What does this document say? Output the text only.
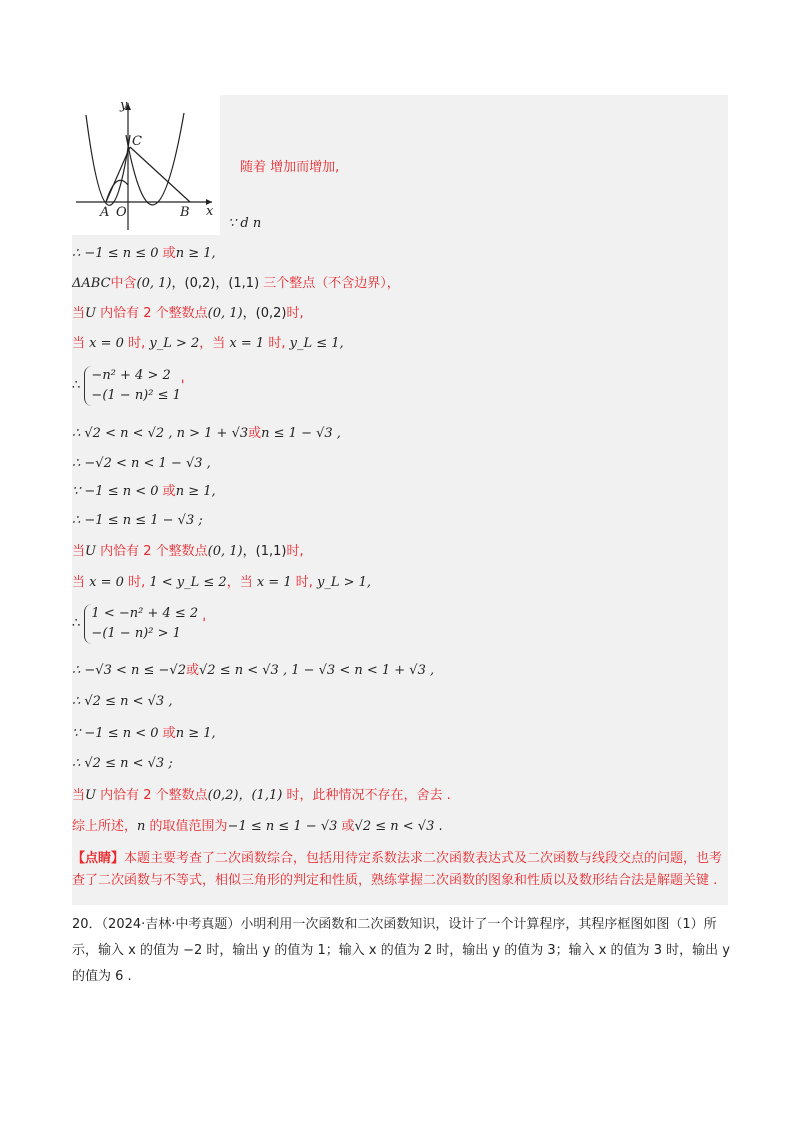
y
x
C
A O	B
∵ d n
随着 增加而增加,
∴ −1 ≤ n ≤ 0 或n ≥ 1,
ΔABC中含(0, 1)，(0,2)，(1,1) 三个整点（不含边界），
当U 内恰有 2 个整数点(0, 1)，(0,2)时,
当 x = 0 时, y_L > 2，当 x = 1 时, y_L ≤ 1,
∴ −n² + 4 > 2
−(1 − n)² ≤ 1'
∴ √2 < n < √2 , n > 1 + √3或n ≤ 1 − √3 ,
∴ −√2 < n < 1 − √3 ,
∵ −1 ≤ n < 0 或n ≥ 1,
∴ −1 ≤ n ≤ 1 − √3 ;
当U 内恰有 2 个整数点(0, 1)，(1,1)时,
当 x = 0 时, 1 < y_L ≤ 2，当 x = 1 时, y_L > 1,
∴ 1 < −n² + 4 ≤ 2
−(1 − n)² > 1 '
∴ −√3 < n ≤ −√2或√2 ≤ n < √3 , 1 − √3 < n < 1 + √3 ,
∴ √2 ≤ n < √3 ,
∵ −1 ≤ n < 0 或n ≥ 1,
∴ √2 ≤ n < √3 ;
当U 内恰有 2 个整数点(0,2)，(1,1) 时，此种情况不存在，舍去 .
综上所述，n 的取值范围为−1 ≤ n ≤ 1 − √3 或√2 ≤ n < √3 .
【点睛】本题主要考查了二次函数综合，包括用待定系数法求二次函数表达式及二次函数与线段交点的问题，也考查了二次函数与不等式，相似三角形的判定和性质，熟练掌握二次函数的图象和性质以及数形结合法是解题关键 .
20．（2024·吉林·中考真题）小明利用一次函数和二次函数知识，设计了一个计算程序，其程序框图如图（1）所示，输入 x 的值为 −2 时，输出 y 的值为 1；输入 x 的值为 2 时，输出 y 的值为 3；输入 x 的值为 3 时，输出 y 的值为 6 .
